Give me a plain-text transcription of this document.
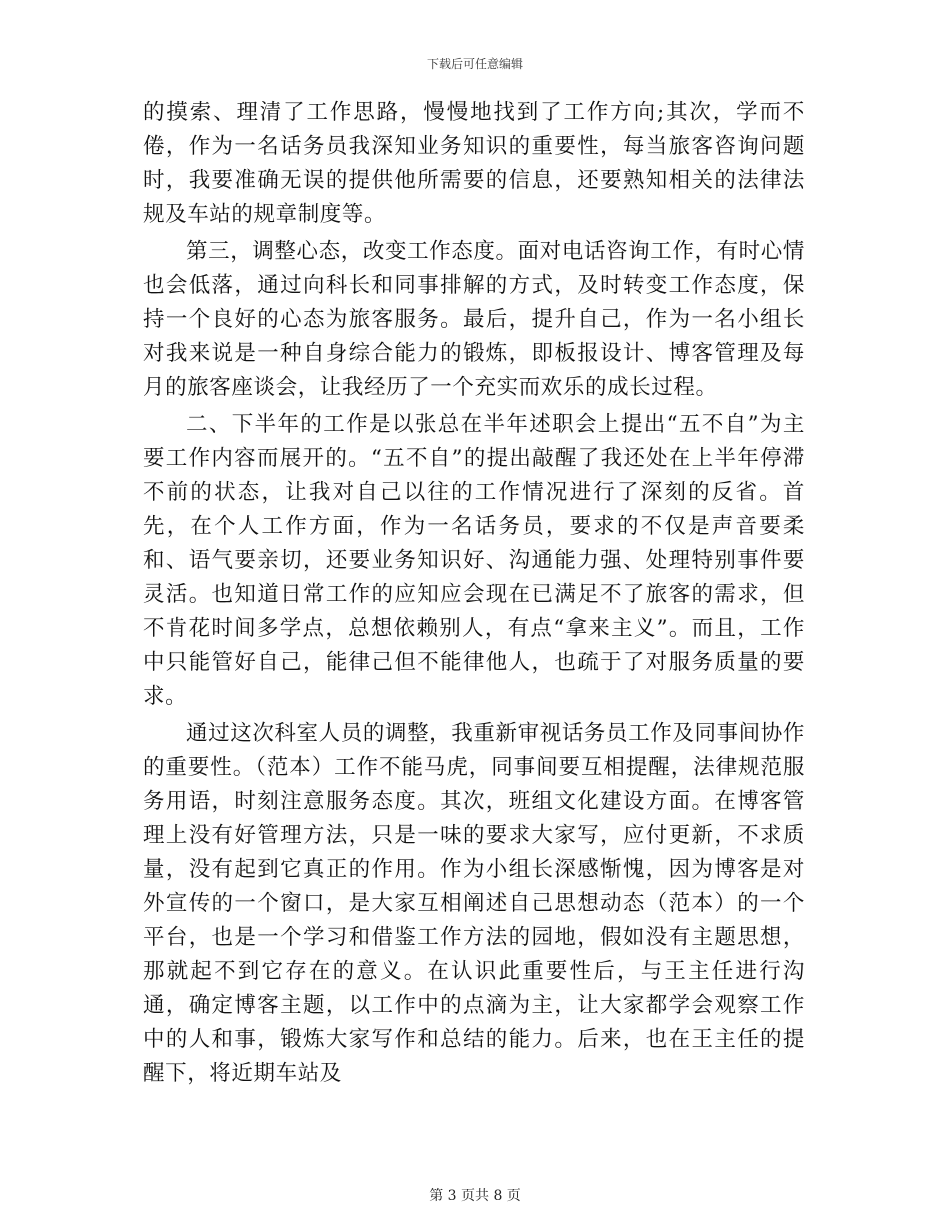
下载后可任意编辑

的摸索、理清了工作思路，慢慢地找到了工作方向;其次，学而不倦，作为一名话务员我深知业务知识的重要性，每当旅客咨询问题时，我要准确无误的提供他所需要的信息，还要熟知相关的法律法规及车站的规章制度等。

第三，调整心态，改变工作态度。面对电话咨询工作，有时心情也会低落，通过向科长和同事排解的方式，及时转变工作态度，保持一个良好的心态为旅客服务。最后，提升自己，作为一名小组长对我来说是一种自身综合能力的锻炼，即板报设计、博客管理及每月的旅客座谈会，让我经历了一个充实而欢乐的成长过程。

二、下半年的工作是以张总在半年述职会上提出“五不自”为主要工作内容而展开的。“五不自”的提出敲醒了我还处在上半年停滞不前的状态，让我对自己以往的工作情况进行了深刻的反省。首先，在个人工作方面，作为一名话务员，要求的不仅是声音要柔和、语气要亲切，还要业务知识好、沟通能力强、处理特别事件要灵活。也知道日常工作的应知应会现在已满足不了旅客的需求，但不肯花时间多学点，总想依赖别人，有点“拿来主义”。而且，工作中只能管好自己，能律己但不能律他人，也疏于了对服务质量的要求。

通过这次科室人员的调整，我重新审视话务员工作及同事间协作的重要性。（范本）工作不能马虎，同事间要互相提醒，法律规范服务用语，时刻注意服务态度。其次，班组文化建设方面。在博客管理上没有好管理方法，只是一味的要求大家写，应付更新，不求质量，没有起到它真正的作用。作为小组长深感惭愧，因为博客是对外宣传的一个窗口，是大家互相阐述自己思想动态（范本）的一个平台，也是一个学习和借鉴工作方法的园地，假如没有主题思想，那就起不到它存在的意义。在认识此重要性后，与王主任进行沟通，确定博客主题，以工作中的点滴为主，让大家都学会观察工作中的人和事，锻炼大家写作和总结的能力。后来，也在王主任的提醒下，将近期车站及

第 3 页共 8 页
